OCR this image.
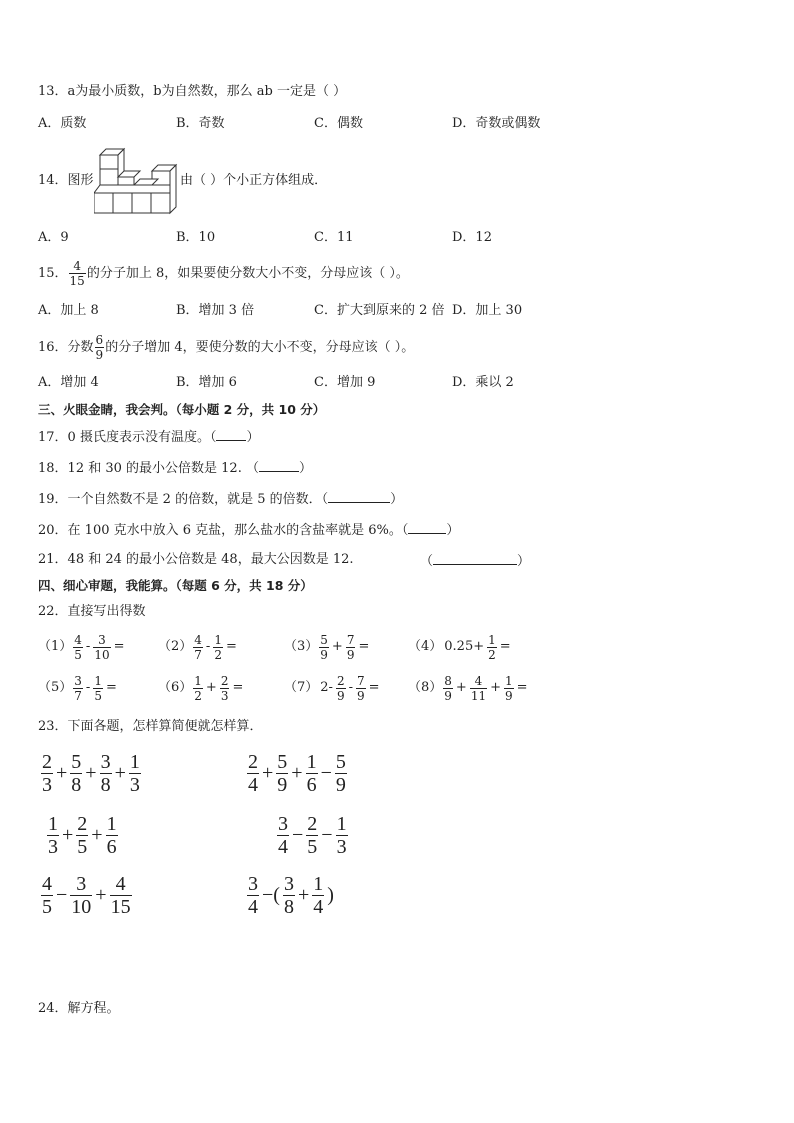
13．a为最小质数，b为自然数，那么 ab 一定是（ ）
A．质数	B．奇数	C．偶数	D．奇数或偶数
14．图形	由（ ）个小正方体组成．
A．9	B．10	C．11	D．12
15． $\frac{4}{15}$ 的分子加上 8，如果要使分数大小不变，分母应该（ ）。
A．加上 8	B．增加 3 倍	C．扩大到原来的 2 倍 D．加上 30
16．分数 $\frac{6}{9}$ 的分子增加 4，要使分数的大小不变，分母应该（ ）。
A．增加 4	B．增加 6	C．增加 9	D．乘以 2
三、火眼金睛，我会判。（每小题 2 分，共 10 分）
17．0 摄氏度表示没有温度。（ ）
18．12 和 30 的最小公倍数是 12. （	）
19．一个自然数不是 2 的倍数，就是 5 的倍数．（	）
20．在 100 克水中放入 6 克盐，那么盐水的含盐率就是 6%。（	）
21．48 和 24 的最小公倍数是 48，最大公因数是 12.	（	）
四、细心审题，我能算。（每题 6 分，共 18 分）
22．直接写出得数
$(1) \frac{4}{5} - \frac{3}{10}$ =	$(2) \frac{4}{7} - \frac{1}{2}$ =	$(3) \frac{5}{9} + \frac{7}{9}$ =	（4） $0.25+ \frac{1}{2}$ =
$(5) \frac{3}{7} - \frac{1}{5}$ =	$(6) \frac{1}{2} + \frac{2}{3}$ =	（7） $2- \frac{2}{9} - \frac{7}{9} = (8) \frac{8}{9} + \frac{4}{11} + \frac{1}{9}$ =
23．下面各题，怎样算简便就怎样算．
$\frac{2}{3} + \frac{5}{8} + \frac{3}{8} + \frac{1}{3}$	$\frac{2}{4} + \frac{5}{9} + \frac{1}{6} - \frac{5}{9}$
$\frac{1}{3} + \frac{2}{5} + \frac{1}{6}$	$\frac{3}{4} - \frac{2}{5} - \frac{1}{3}$
$\frac{4}{5} - \frac{3}{10} + \frac{4}{15}$	$\frac{3}{4}$ −( $\frac{3}{8} + \frac{1}{4}$ )
24．解方程。
